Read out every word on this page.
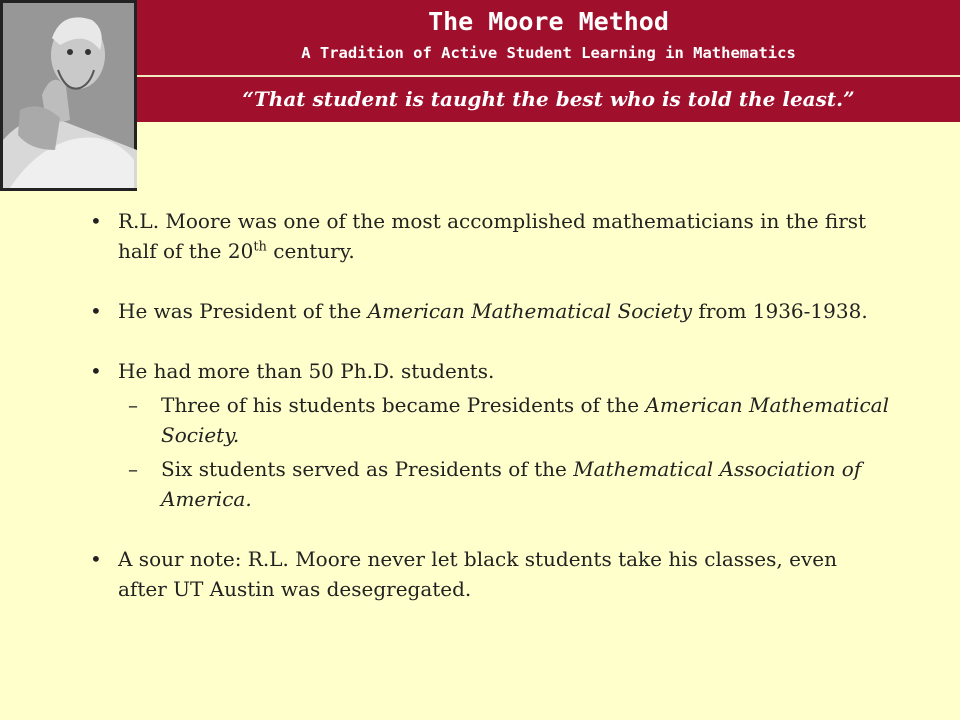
The Moore Method
A Tradition of Active Student Learning in Mathematics
“That student is taught the best who is told the least.”
• R.L. Moore was one of the most accomplished mathematicians in the first half of the 20th century.
• He was President of the American Mathematical Society from 1936-1938.
• He had more than 50 Ph.D. students.
–	Three of his students became Presidents of the American Mathematical Society.
–	Six students served as Presidents of the Mathematical Association of America.
• A sour note: R.L. Moore never let black students take his classes, even after UT Austin was desegregated.
